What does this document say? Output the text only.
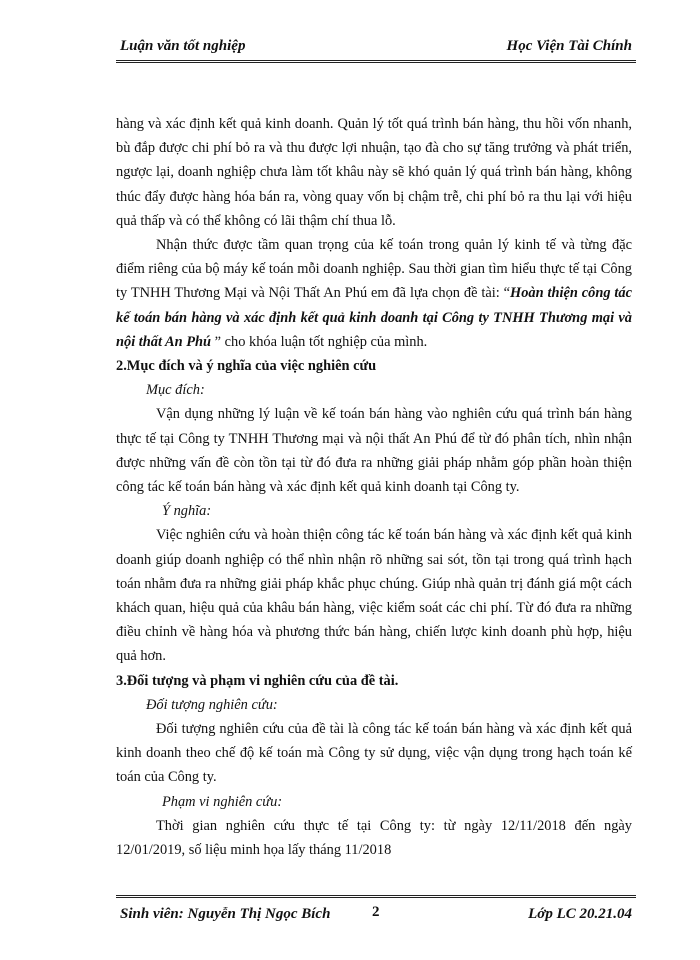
Luận văn tốt nghiệp	Học Viện Tài Chính

hàng và xác định kết quả kinh doanh. Quản lý tốt quá trình bán hàng, thu hồi vốn nhanh, bù đắp được chi phí bỏ ra và thu được lợi nhuận, tạo đà cho sự tăng trưởng và phát triển, ngược lại, doanh nghiệp chưa làm tốt khâu này sẽ khó quản lý quá trình bán hàng, không thúc đẩy được hàng hóa bán ra, vòng quay vốn bị chậm trễ, chi phí bỏ ra thu lại với hiệu quả thấp và có thể không có lãi thậm chí thua lỗ.

Nhận thức được tầm quan trọng của kế toán trong quản lý kinh tế và từng đặc điểm riêng của bộ máy kế toán mỗi doanh nghiệp. Sau thời gian tìm hiểu thực tế tại Công ty TNHH Thương Mại và Nội Thất An Phú em đã lựa chọn đề tài: “Hoàn thiện công tác kế toán bán hàng và xác định kết quả kinh doanh tại Công ty TNHH Thương mại và nội thất An Phú ” cho khóa luận tốt nghiệp của mình.

2.Mục đích và ý nghĩa của việc nghiên cứu

Mục đích:

Vận dụng những lý luận về kế toán bán hàng vào nghiên cứu quá trình bán hàng thực tế tại Công ty TNHH Thương mại và nội thất An Phú để từ đó phân tích, nhìn nhận được những vấn đề còn tồn tại từ đó đưa ra những giải pháp nhằm góp phần hoàn thiện công tác kế toán bán hàng và xác định kết quả kinh doanh tại Công ty.

Ý nghĩa:

Việc nghiên cứu và hoàn thiện công tác kế toán bán hàng và xác định kết quả kinh doanh giúp doanh nghiệp có thể nhìn nhận rõ những sai sót, tồn tại trong quá trình hạch toán nhằm đưa ra những giải pháp khắc phục chúng. Giúp nhà quản trị đánh giá một cách khách quan, hiệu quả của khâu bán hàng, việc kiểm soát các chi phí. Từ đó đưa ra những điều chỉnh về hàng hóa và phương thức bán hàng, chiến lược kinh doanh phù hợp, hiệu quả hơn.

3.Đối tượng và phạm vi nghiên cứu của đề tài.

Đối tượng nghiên cứu:

Đối tượng nghiên cứu của đề tài là công tác kế toán bán hàng và xác định kết quả kinh doanh theo chế độ kế toán mà Công ty sử dụng, việc vận dụng trong hạch toán kế toán của Công ty.

Phạm vi nghiên cứu:

Thời gian nghiên cứu thực tế tại Công ty: từ ngày 12/11/2018 đến ngày 12/01/2019, số liệu minh họa lấy tháng 11/2018

Sinh viên: Nguyễn Thị Ngọc Bích	2	Lớp LC 20.21.04
